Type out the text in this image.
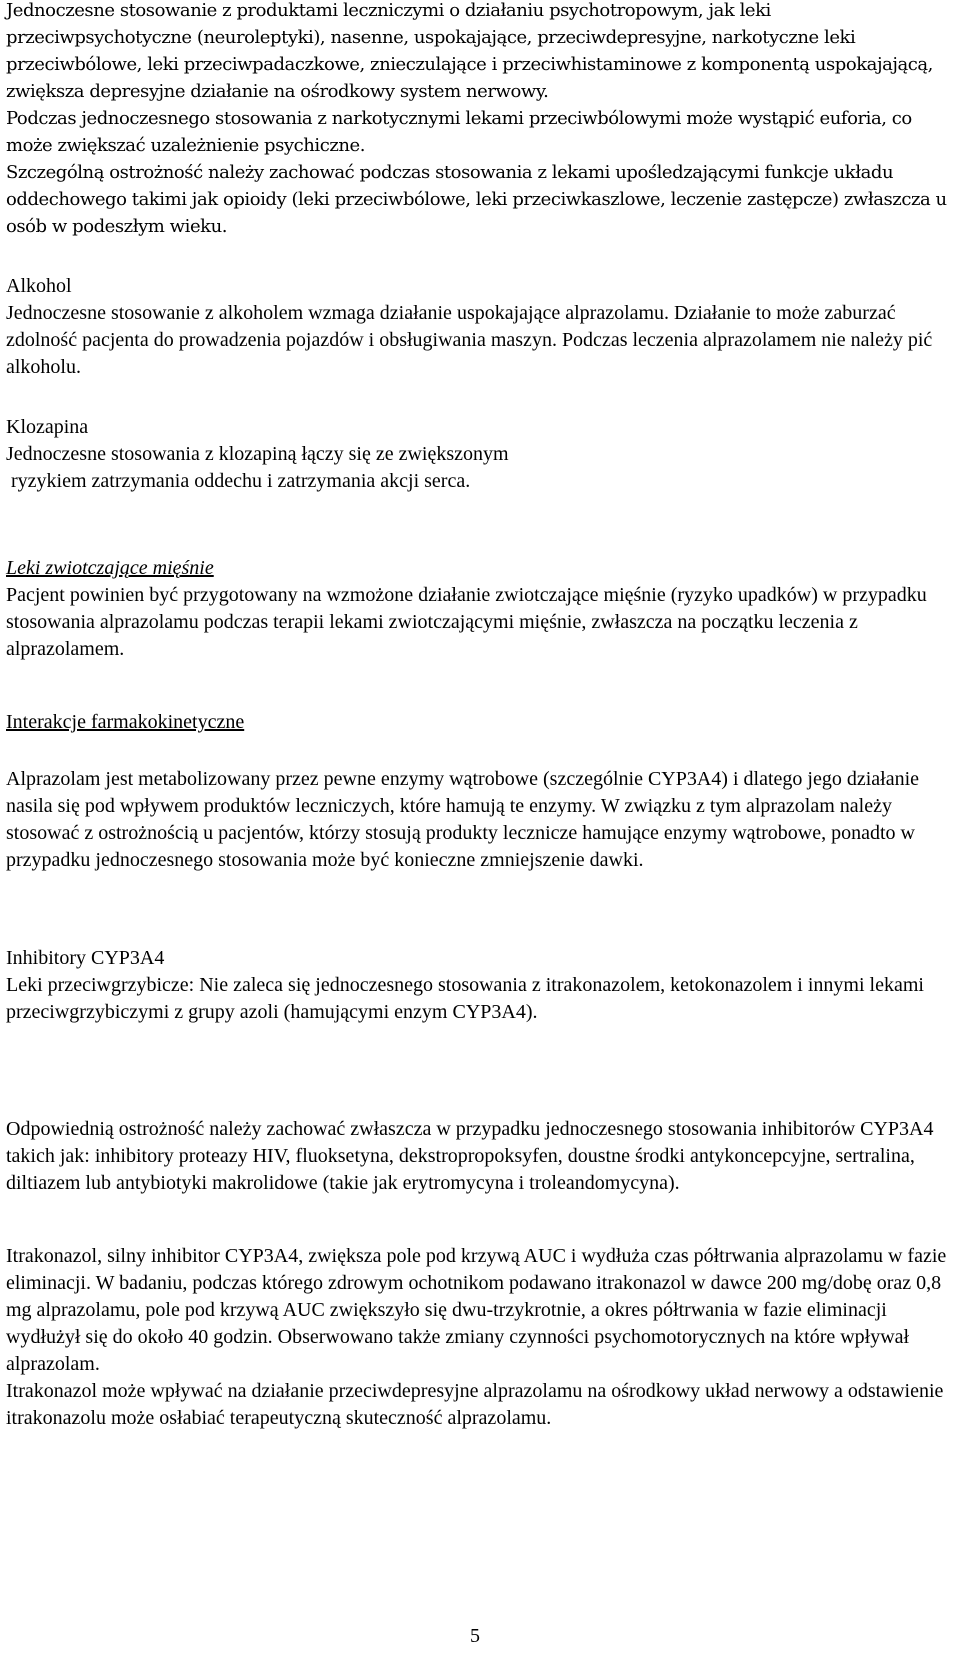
Jednoczesne stosowanie z produktami leczniczymi o działaniu psychotropowym, jak leki przeciwpsychotyczne (neuroleptyki), nasenne, uspokajające, przeciwdepresyjne, narkotyczne leki przeciwbólowe, leki przeciwpadaczkowe, znieczulające i przeciwhistaminowe z komponentą uspokajającą, zwiększa depresyjne działanie na ośrodkowy system nerwowy.

Podczas jednoczesnego stosowania z narkotycznymi lekami przeciwbólowymi może wystąpić euforia, co może zwiększać uzależnienie psychiczne.

Szczególną ostrożność należy zachować podczas stosowania z lekami upośledzającymi funkcje układu oddechowego takimi jak opioidy (leki przeciwbólowe, leki przeciwkaszlowe, leczenie zastępcze) zwłaszcza u osób w podeszłym wieku.

Alkohol

Jednoczesne stosowanie z alkoholem wzmaga działanie uspokajające alprazolamu. Działanie to może zaburzać zdolność pacjenta do prowadzenia pojazdów i obsługiwania maszyn. Podczas leczenia alprazolamem nie należy pić alkoholu.

Klozapina

Jednoczesne stosowania z klozapiną łączy się ze zwiększonym

ryzykiem zatrzymania oddechu i zatrzymania akcji serca.

Leki zwiotczające mięśnie

Pacjent powinien być przygotowany na wzmożone działanie zwiotczające mięśnie (ryzyko upadków) w przypadku stosowania alprazolamu podczas terapii lekami zwiotczającymi mięśnie, zwłaszcza na początku leczenia z alprazolamem.

Interakcje farmakokinetyczne

Alprazolam jest metabolizowany przez pewne enzymy wątrobowe (szczególnie CYP3A4) i dlatego jego działanie nasila się pod wpływem produktów leczniczych, które hamują te enzymy. W związku z tym alprazolam należy stosować z ostrożnością u pacjentów, którzy stosują produkty lecznicze hamujące enzymy wątrobowe, ponadto w przypadku jednoczesnego stosowania może być konieczne zmniejszenie dawki.

Inhibitory CYP3A4

Leki przeciwgrzybicze: Nie zaleca się jednoczesnego stosowania z itrakonazolem, ketokonazolem i innymi lekami przeciwgrzybiczymi z grupy azoli (hamującymi enzym CYP3A4).

Odpowiednią ostrożność należy zachować zwłaszcza w przypadku jednoczesnego stosowania inhibitorów CYP3A4 takich jak: inhibitory proteazy HIV, fluoksetyna, dekstropropoksyfen, doustne środki antykoncepcyjne, sertralina, diltiazem lub antybiotyki makrolidowe (takie jak erytromycyna i troleandomycyna).

Itrakonazol, silny inhibitor CYP3A4, zwiększa pole pod krzywą AUC i wydłuża czas półtrwania alprazolamu w fazie eliminacji. W badaniu, podczas którego zdrowym ochotnikom podawano itrakonazol w dawce 200 mg/dobę oraz 0,8 mg alprazolamu, pole pod krzywą AUC zwiększyło się dwu-trzykrotnie, a okres półtrwania w fazie eliminacji wydłużył się do około 40 godzin. Obserwowano także zmiany czynności psychomotorycznych na które wpływał alprazolam.

Itrakonazol może wpływać na działanie przeciwdepresyjne alprazolamu na ośrodkowy układ nerwowy a odstawienie itrakonazolu może osłabiać terapeutyczną skuteczność alprazolamu.

5
